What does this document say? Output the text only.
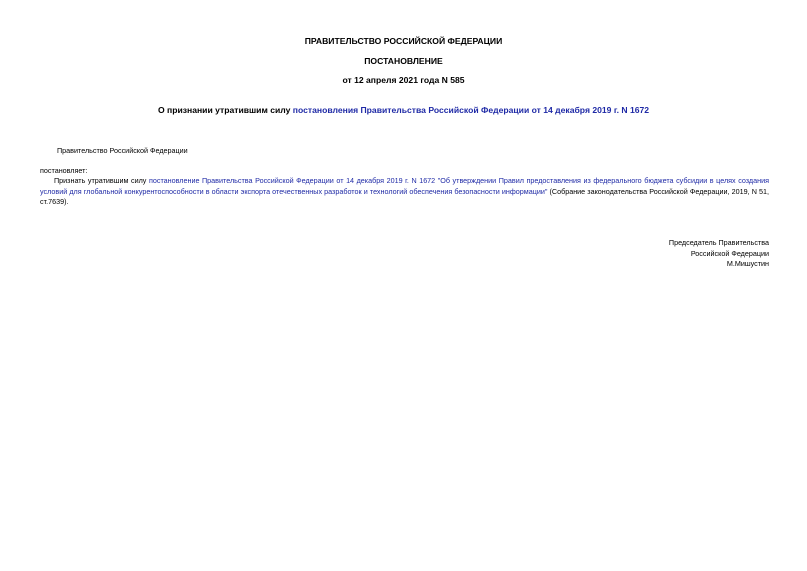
ПРАВИТЕЛЬСТВО РОССИЙСКОЙ ФЕДЕРАЦИИ
ПОСТАНОВЛЕНИЕ
от 12 апреля 2021 года N 585
О признании утратившим силу постановления Правительства Российской Федерации от 14 декабря 2019 г. N 1672
Правительство Российской Федерации
постановляет:
Признать утратившим силу постановление Правительства Российской Федерации от 14 декабря 2019 г. N 1672 "Об утверждении Правил предоставления из федерального бюджета субсидии в целях создания условий для глобальной конкурентоспособности в области экспорта отечественных разработок и технологий обеспечения безопасности информации" (Собрание законодательства Российской Федерации, 2019, N 51, ст.7639).
Председатель Правительства
Российской Федерации
М.Мишустин
